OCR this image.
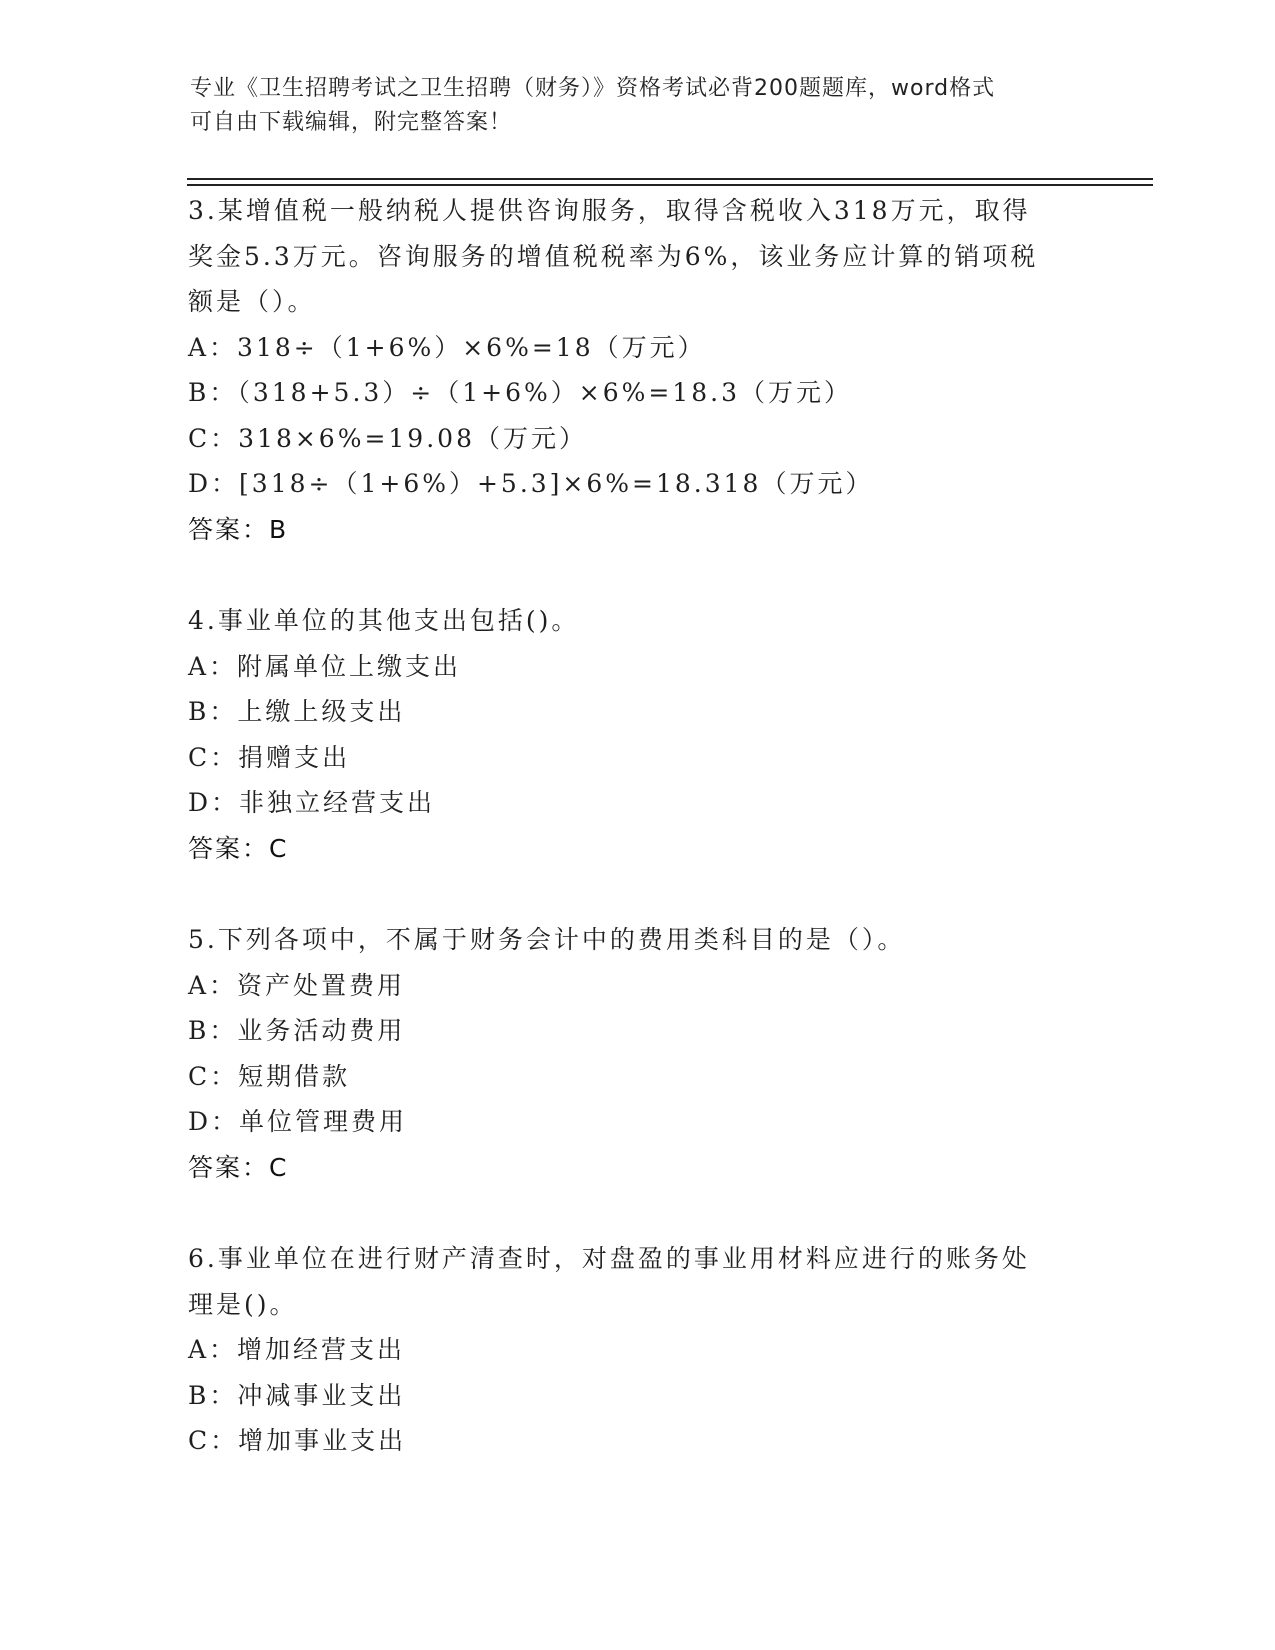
专业《卫生招聘考试之卫生招聘（财务）》资格考试必背200题题库，word格式
可自由下载编辑，附完整答案！
3.某增值税一般纳税人提供咨询服务，取得含税收入318万元，取得
奖金5.3万元。咨询服务的增值税税率为6%，该业务应计算的销项税
额是（）。
A：318÷（1+6%）×6%=18（万元）
B：（318+5.3）÷（1+6%）×6%=18.3（万元）
C：318×6%=19.08（万元）
D：[318÷（1+6%）+5.3]×6%=18.318（万元）
答案：B
4.事业单位的其他支出包括()。
A：附属单位上缴支出
B：上缴上级支出
C：捐赠支出
D：非独立经营支出
答案：C
5.下列各项中，不属于财务会计中的费用类科目的是（）。
A：资产处置费用
B：业务活动费用
C：短期借款
D：单位管理费用
答案：C
6.事业单位在进行财产清查时，对盘盈的事业用材料应进行的账务处
理是()。
A：增加经营支出
B：冲减事业支出
C：增加事业支出
